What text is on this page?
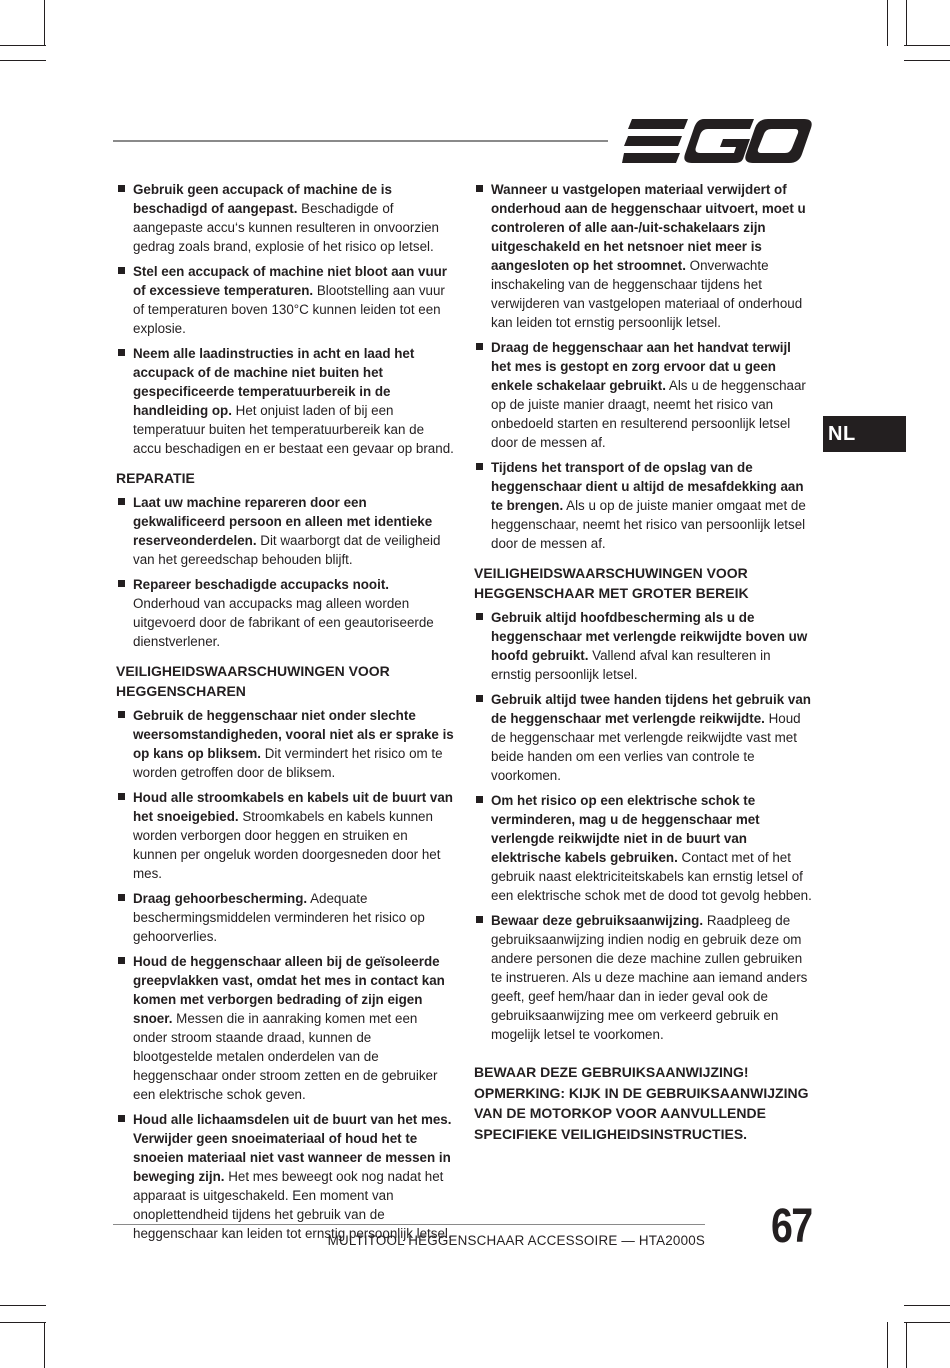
NL
Gebruik geen accupack of machine de is beschadigd of aangepast. Beschadigde of aangepaste accu‘s kunnen resulteren in onvoorzien gedrag zoals brand, explosie of het risico op letsel.
Stel een accupack of machine niet bloot aan vuur of excessieve temperaturen. Blootstelling aan vuur of temperaturen boven 130°C kunnen leiden tot een explosie.
Neem alle laadinstructies in acht en laad het accupack of de machine niet buiten het gespecificeerde temperatuurbereik in de handleiding op. Het onjuist laden of bij een temperatuur buiten het temperatuurbereik kan de accu beschadigen en er bestaat een gevaar op brand.
REPARATIE
Laat uw machine repareren door een gekwalificeerd persoon en alleen met identieke reserveonderdelen. Dit waarborgt dat de veiligheid van het gereedschap behouden blijft.
Repareer beschadigde accupacks nooit. Onderhoud van accupacks mag alleen worden uitgevoerd door de fabrikant of een geautoriseerde dienstverlener.
VEILIGHEIDSWAARSCHUWINGEN VOOR HEGGENSCHAREN
Gebruik de heggenschaar niet onder slechte weersomstandigheden, vooral niet als er sprake is op kans op bliksem. Dit vermindert het risico om te worden getroffen door de bliksem.
Houd alle stroomkabels en kabels uit de buurt van het snoeigebied. Stroomkabels en kabels kunnen worden verborgen door heggen en struiken en kunnen per ongeluk worden doorgesneden door het mes.
Draag gehoorbescherming. Adequate beschermingsmiddelen verminderen het risico op gehoorverlies.
Houd de heggenschaar alleen bij de geïsoleerde greepvlakken vast, omdat het mes in contact kan komen met verborgen bedrading of zijn eigen snoer. Messen die in aanraking komen met een onder stroom staande draad, kunnen de blootgestelde metalen onderdelen van de heggenschaar onder stroom zetten en de gebruiker een elektrische schok geven.
Houd alle lichaamsdelen uit de buurt van het mes. Verwijder geen snoeimateriaal of houd het te snoeien materiaal niet vast wanneer de messen in beweging zijn. Het mes beweegt ook nog nadat het apparaat is uitgeschakeld. Een moment van onoplettendheid tijdens het gebruik van de heggenschaar kan leiden tot ernstig persoonlijk letsel.
Wanneer u vastgelopen materiaal verwijdert of onderhoud aan de heggenschaar uitvoert, moet u controleren of alle aan-/uit-schakelaars zijn uitgeschakeld en het netsnoer niet meer is aangesloten op het stroomnet. Onverwachte inschakeling van de heggenschaar tijdens het verwijderen van vastgelopen materiaal of onderhoud kan leiden tot ernstig persoonlijk letsel.
Draag de heggenschaar aan het handvat terwijl het mes is gestopt en zorg ervoor dat u geen enkele schakelaar gebruikt. Als u de heggenschaar op de juiste manier draagt, neemt het risico van onbedoeld starten en resulterend persoonlijk letsel door de messen af.
Tijdens het transport of de opslag van de heggenschaar dient u altijd de mesafdekking aan te brengen. Als u op de juiste manier omgaat met de heggenschaar, neemt het risico van persoonlijk letsel door de messen af.
VEILIGHEIDSWAARSCHUWINGEN VOOR HEGGENSCHAAR MET GROTER BEREIK
Gebruik altijd hoofdbescherming als u de heggenschaar met verlengde reikwijdte boven uw hoofd gebruikt. Vallend afval kan resulteren in ernstig persoonlijk letsel.
Gebruik altijd twee handen tijdens het gebruik van de heggenschaar met verlengde reikwijdte. Houd de heggenschaar met verlengde reikwijdte vast met beide handen om een verlies van controle te voorkomen.
Om het risico op een elektrische schok te verminderen, mag u de heggenschaar met verlengde reikwijdte niet in de buurt van elektrische kabels gebruiken. Contact met of het gebruik naast elektriciteitskabels kan ernstig letsel of een elektrische schok met de dood tot gevolg hebben.
Bewaar deze gebruiksaanwijzing. Raadpleeg de gebruiksaanwijzing indien nodig en gebruik deze om andere personen die deze machine zullen gebruiken te instrueren. Als u deze machine aan iemand anders geeft, geef hem/haar dan in ieder geval ook de gebruiksaanwijzing mee om verkeerd gebruik en mogelijk letsel te voorkomen.
BEWAAR DEZE GEBRUIKSAANWIJZING!
OPMERKING: KIJK IN DE GEBRUIKSAANWIJZING VAN DE MOTORKOP VOOR AANVULLENDE SPECIFIEKE VEILIGHEIDSINSTRUCTIES.
MULTITOOL HEGGENSCHAAR ACCESSOIRE — HTA2000S 67
